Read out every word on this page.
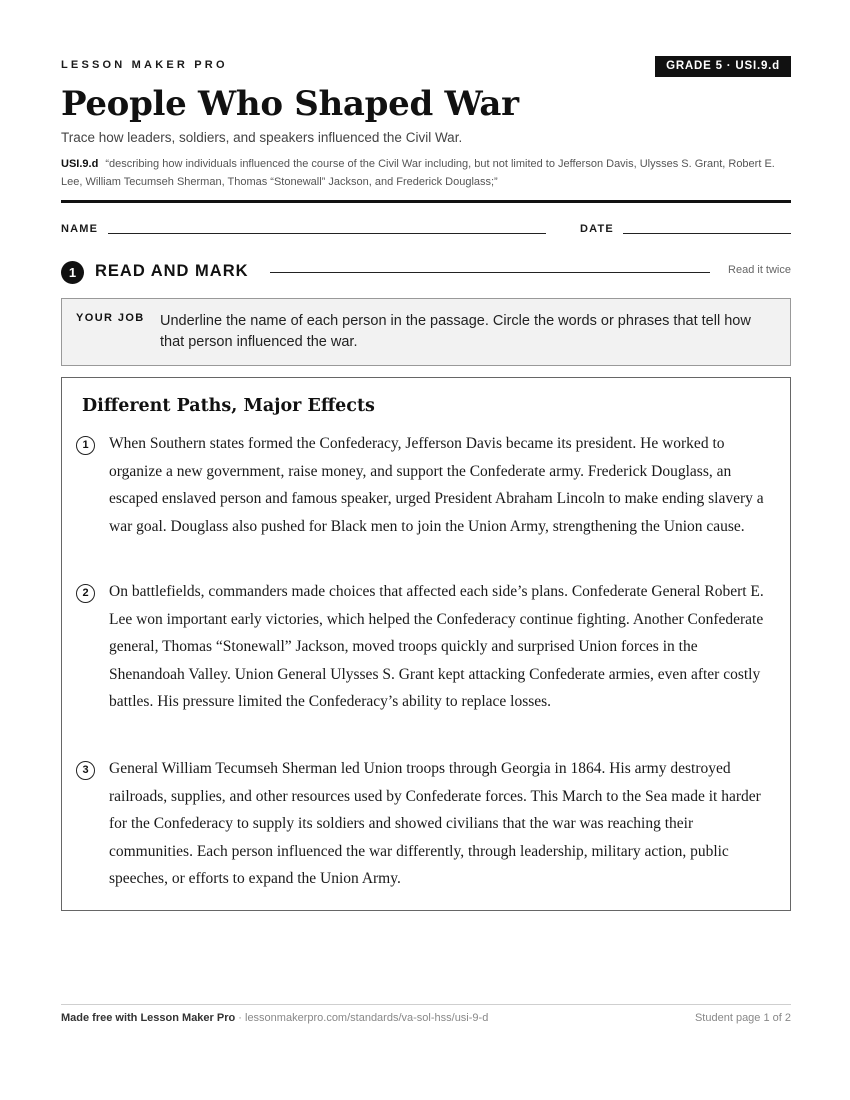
LESSON MAKER PRO	GRADE 5 · USI.9.d
People Who Shaped War
Trace how leaders, soldiers, and speakers influenced the Civil War.
USI.9.d “describing how individuals influenced the course of the Civil War including, but not limited to Jefferson Davis, Ulysses S. Grant, Robert E. Lee, William Tecumseh Sherman, Thomas “Stonewall” Jackson, and Frederick Douglass;”
NAME	DATE
1	READ AND MARK	Read it twice
YOUR JOB Underline the name of each person in the passage. Circle the words or phrases that tell how that person influenced the war.
Different Paths, Major Effects
1	When Southern states formed the Confederacy, Jefferson Davis became its president. He worked to organize a new government, raise money, and support the Confederate army. Frederick Douglass, an escaped enslaved person and famous speaker, urged President Abraham Lincoln to make ending slavery a war goal. Douglass also pushed for Black men to join the Union Army, strengthening the Union cause.
2	On battlefields, commanders made choices that affected each side’s plans. Confederate General Robert E. Lee won important early victories, which helped the Confederacy continue fighting. Another Confederate general, Thomas “Stonewall” Jackson, moved troops quickly and surprised Union forces in the Shenandoah Valley. Union General Ulysses S. Grant kept attacking Confederate armies, even after costly battles. His pressure limited the Confederacy’s ability to replace losses.
3	General William Tecumseh Sherman led Union troops through Georgia in 1864. His army destroyed railroads, supplies, and other resources used by Confederate forces. This March to the Sea made it harder for the Confederacy to supply its soldiers and showed civilians that the war was reaching their communities. Each person influenced the war differently, through leadership, military action, public speeches, or efforts to expand the Union Army.
Made free with Lesson Maker Pro · lessonmakerpro.com/standards/va-sol-hss/usi-9-d	Student page 1 of 2
